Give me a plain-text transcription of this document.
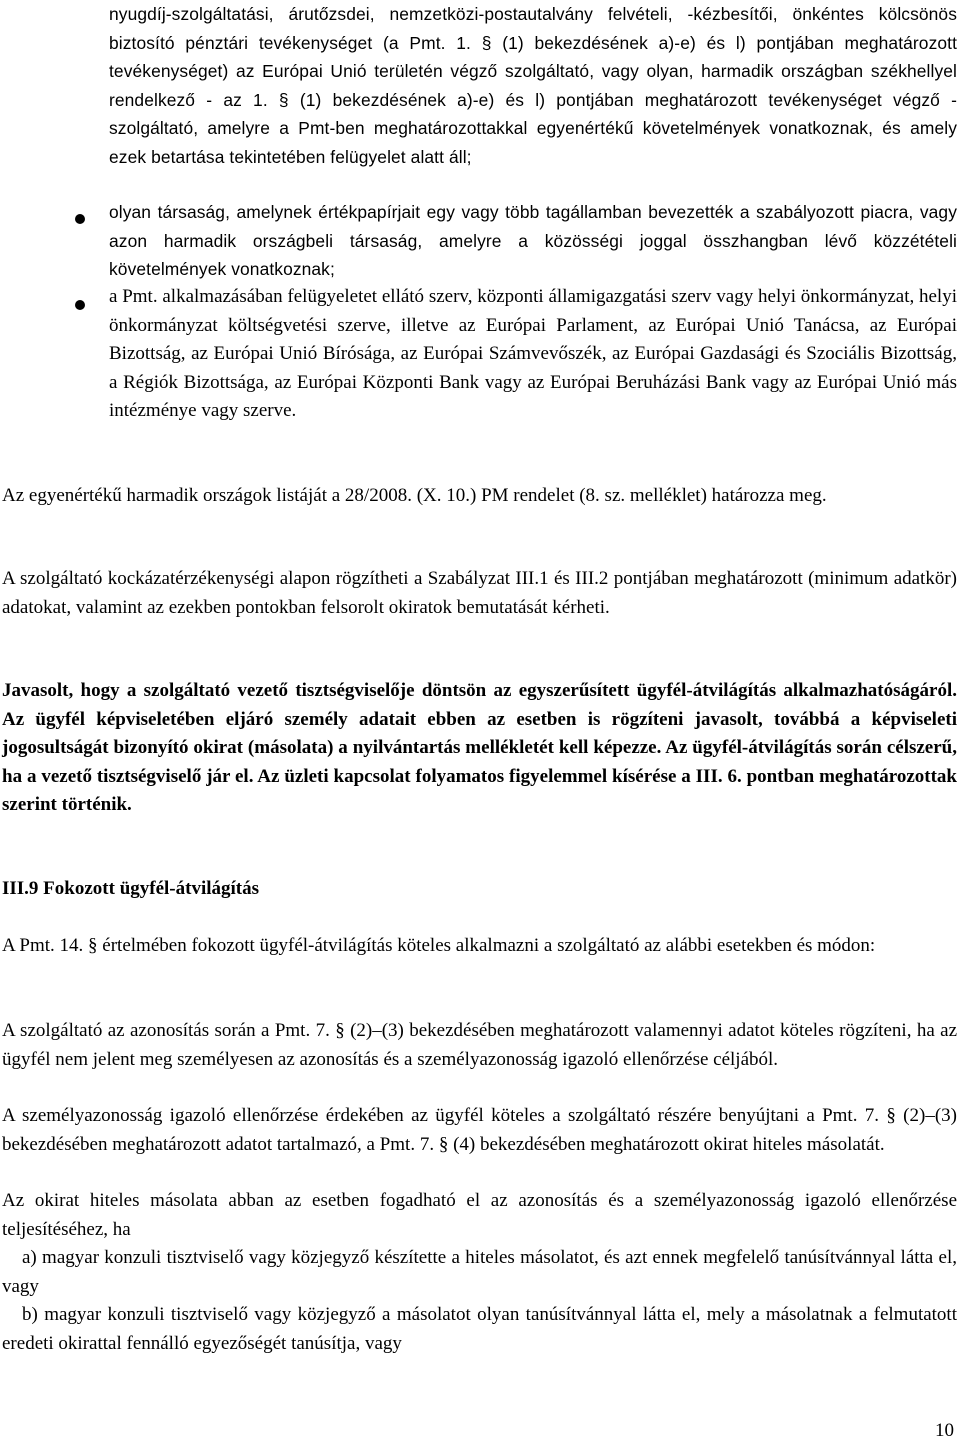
nyugdíj-szolgáltatási, árutőzsdei, nemzetközi-postautalvány felvételi, -kézbesítői, önkéntes kölcsönös biztosító pénztári tevékenységet (a Pmt. 1. § (1) bekezdésének a)-e) és l) pontjában meghatározott tevékenységet) az Európai Unió területén végző szolgáltató, vagy olyan, harmadik országban székhellyel rendelkező - az 1. § (1) bekezdésének a)-e) és l) pontjában meghatározott tevékenységet végző - szolgáltató, amelyre a Pmt-ben meghatározottakkal egyenértékű követelmények vonatkoznak, és amely ezek betartása tekintetében felügyelet alatt áll;

olyan társaság, amelynek értékpapírjait egy vagy több tagállamban bevezették a szabályozott piacra, vagy azon harmadik országbeli társaság, amelyre a közösségi joggal összhangban lévő közzétételi követelmények vonatkoznak;

a Pmt. alkalmazásában felügyeletet ellátó szerv, központi államigazgatási szerv vagy helyi önkormányzat, helyi önkormányzat költségvetési szerve, illetve az Európai Parlament, az Európai Unió Tanácsa, az Európai Bizottság, az Európai Unió Bírósága, az Európai Számvevőszék, az Európai Gazdasági és Szociális Bizottság, a Régiók Bizottsága, az Európai Központi Bank vagy az Európai Beruházási Bank vagy az Európai Unió más intézménye vagy szerve.

Az egyenértékű harmadik országok listáját a 28/2008. (X. 10.) PM rendelet (8. sz. melléklet) határozza meg.

A szolgáltató kockázatérzékenységi alapon rögzítheti a Szabályzat III.1 és III.2 pontjában meghatározott (minimum adatkör) adatokat, valamint az ezekben pontokban felsorolt okiratok bemutatását kérheti.

Javasolt, hogy a szolgáltató vezető tisztségviselője döntsön az egyszerűsített ügyfél-átvilágítás alkalmazhatóságáról. Az ügyfél képviseletében eljáró személy adatait ebben az esetben is rögzíteni javasolt, továbbá a képviseleti jogosultságát bizonyító okirat (másolata) a nyilvántartás mellékletét kell képezze. Az ügyfél-átvilágítás során célszerű, ha a vezető tisztségviselő jár el. Az üzleti kapcsolat folyamatos figyelemmel kísérése a III. 6. pontban meghatározottak szerint történik.

III.9 Fokozott ügyfél-átvilágítás

A Pmt. 14. § értelmében fokozott ügyfél-átvilágítás köteles alkalmazni a szolgáltató az alábbi esetekben és módon:

A szolgáltató az azonosítás során a Pmt. 7. § (2)–(3) bekezdésében meghatározott valamennyi adatot köteles rögzíteni, ha az ügyfél nem jelent meg személyesen az azonosítás és a személyazonosság igazoló ellenőrzése céljából.

A személyazonosság igazoló ellenőrzése érdekében az ügyfél köteles a szolgáltató részére benyújtani a Pmt. 7. § (2)–(3) bekezdésében meghatározott adatot tartalmazó, a Pmt. 7. § (4) bekezdésében meghatározott okirat hiteles másolatát.

Az okirat hiteles másolata abban az esetben fogadható el az azonosítás és a személyazonosság igazoló ellenőrzése teljesítéséhez, ha

a) magyar konzuli tisztviselő vagy közjegyző készítette a hiteles másolatot, és azt ennek megfelelő tanúsítvánnyal látta el, vagy

b) magyar konzuli tisztviselő vagy közjegyző a másolatot olyan tanúsítvánnyal látta el, mely a másolatnak a felmutatott eredeti okirattal fennálló egyezőségét tanúsítja, vagy

10
